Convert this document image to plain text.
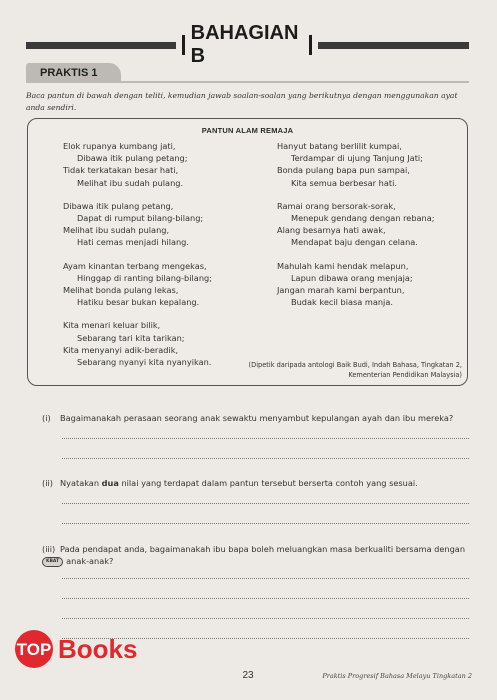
BAHAGIAN B
PRAKTIS 1
Baca pantun di bawah dengan teliti, kemudian jawab soalan-soalan yang berikutnya dengan menggunakan ayat anda sendiri.
PANTUN ALAM REMAJA
Elok rupanya kumbang jati,
Dibawa itik pulang petang;
Tidak terkatakan besar hati,
Melihat ibu sudah pulang.
Dibawa itik pulang petang,
Dapat di rumput bilang-bilang;
Melihat ibu sudah pulang,
Hati cemas menjadi hilang.
Ayam kinantan terbang mengekas,
Hinggap di ranting bilang-bilang;
Melihat bonda pulang lekas,
Hatiku besar bukan kepalang.
Kita menari keluar bilik,
Sebarang tari kita tarikan;
Kita menyanyi adik-beradik,
Sebarang nyanyi kita nyanyikan.
Hanyut batang berlilit kumpai,
Terdampar di ujung Tanjung Jati;
Bonda pulang bapa pun sampai,
Kita semua berbesar hati.
Ramai orang bersorak-sorak,
Menepuk gendang dengan rebana;
Alang besarnya hati awak,
Mendapat baju dengan celana.
Mahulah kami hendak melapun,
Lapun dibawa orang menjaja;
Jangan marah kami berpantun,
Budak kecil biasa manja.
(Dipetik daripada antologi Baik Budi, Indah Bahasa, Tingkatan 2,
Kementerian Pendidikan Malaysia)
(i)	Bagaimanakah perasaan seorang anak sewaktu menyambut kepulangan ayah dan ibu mereka?
(ii) Nyatakan dua nilai yang terdapat dalam pantun tersebut berserta contoh yang sesuai.
(iii) Pada pendapat anda, bagaimanakah ibu bapa boleh meluangkan masa berkualiti bersama dengan
KBAT anak-anak?
23	Praktis Progresif Bahasa Melayu Tingkatan 2
TOP Books
